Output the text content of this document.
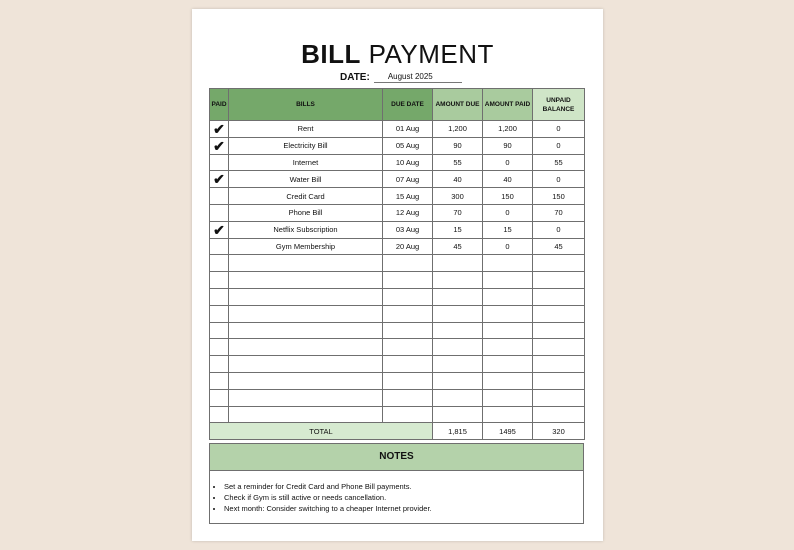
BILL PAYMENT
DATE:	August 2025
PAID	BILLS	DUE DATE	AMOUNT DUE	AMOUNT PAID	UNPAID BALANCE
✔	Rent	01 Aug	1,200	1,200	0
✔	Electricity Bill	05 Aug	90	90	0
	Internet	10 Aug	55	0	55
✔	Water Bill	07 Aug	40	40	0
	Credit Card	15 Aug	300	150	150
	Phone Bill	12 Aug	70	0	70
✔	Netflix Subscription	03 Aug	15	15	0
	Gym Membership	20 Aug	45	0	45

TOTAL			1,815	1495	320
NOTES
• Set a reminder for Credit Card and Phone Bill payments.
• Check if Gym is still active or needs cancellation.
• Next month: Consider switching to a cheaper Internet provider.
